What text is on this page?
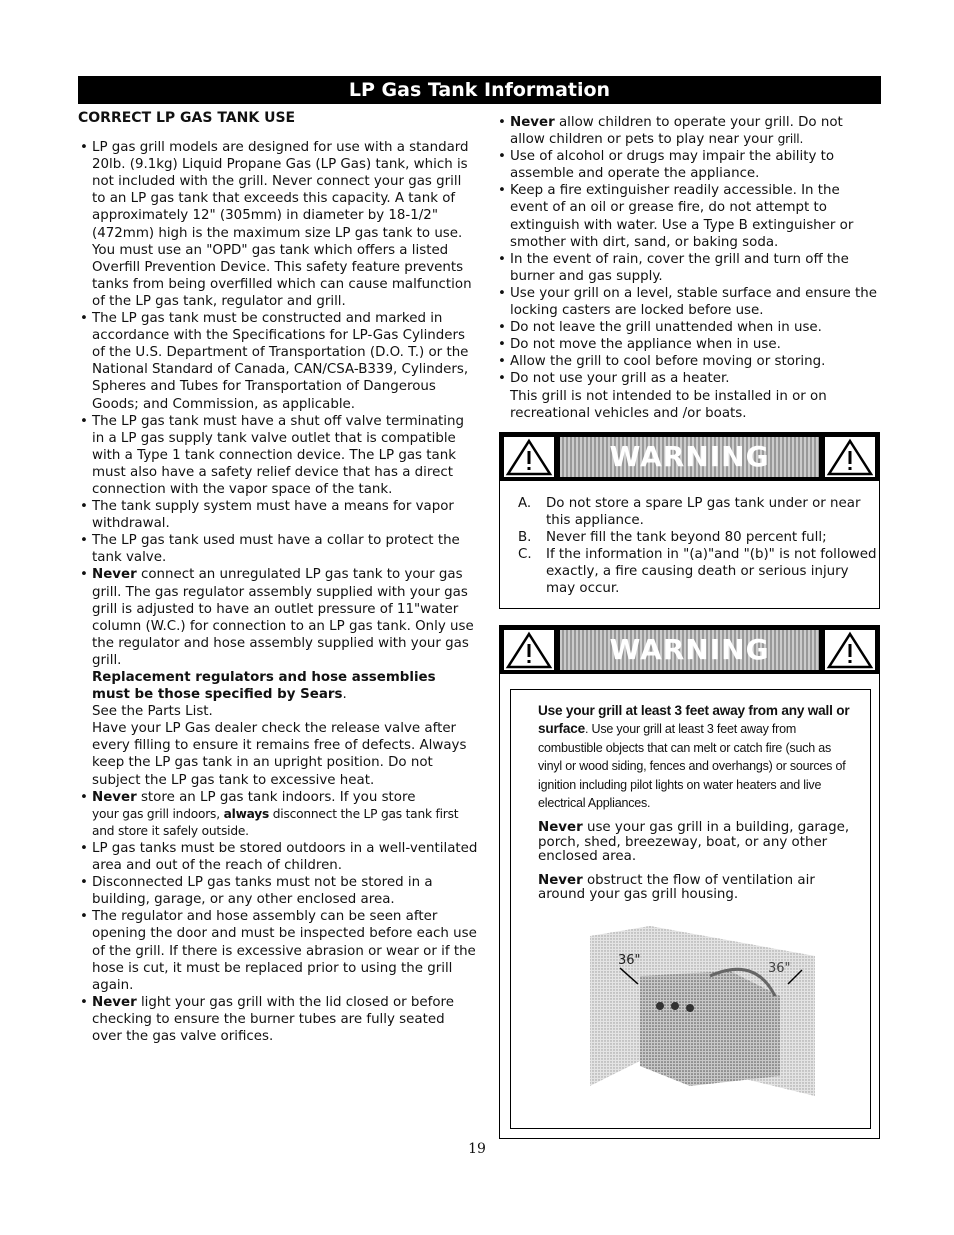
LP Gas Tank Information
CORRECT LP GAS TANK USE
• LP gas grill models are designed for use with a standard 20lb. (9.1kg) Liquid Propane Gas (LP Gas) tank, which is not included with the grill. Never connect your gas grill to an LP gas tank that exceeds this capacity. A tank of approximately 12" (305mm) in diameter by 18-1/2" (472mm) high is the maximum size LP gas tank to use. You must use an "OPD" gas tank which offers a listed Overfill Prevention Device. This safety feature prevents tanks from being overfilled which can cause malfunction of the LP gas tank, regulator and grill.
• The LP gas tank must be constructed and marked in accordance with the Specifications for LP-Gas Cylinders of the U.S. Department of Transportation (D.O. T.) or the National Standard of Canada, CAN/CSA-B339, Cylinders, Spheres and Tubes for Transportation of Dangerous Goods; and Commission, as applicable.
• The LP gas tank must have a shut off valve terminating in a LP gas supply tank valve outlet that is compatible with a Type 1 tank connection device. The LP gas tank must also have a safety relief device that has a direct connection with the vapor space of the tank.
• The tank supply system must have a means for vapor withdrawal.
• The LP gas tank used must have a collar to protect the tank valve.
• Never connect an unregulated LP gas tank to your gas grill. The gas regulator assembly supplied with your gas grill is adjusted to have an outlet pressure of 11"water column (W.C.) for connection to an LP gas tank. Only use the regulator and hose assembly supplied with your gas grill.
Replacement regulators and hose assemblies must be those specified by Sears.
See the Parts List.
Have your LP Gas dealer check the release valve after every filling to ensure it remains free of defects. Always keep the LP gas tank in an upright position. Do not subject the LP gas tank to excessive heat.
• Never store an LP gas tank indoors. If you store
your gas grill indoors, always disconnect the LP gas tank first and store it safely outside.
• LP gas tanks must be stored outdoors in a well-ventilated area and out of the reach of children.
• Disconnected LP gas tanks must not be stored in a building, garage, or any other enclosed area.
• The regulator and hose assembly can be seen after opening the door and must be inspected before each use of the grill. If there is excessive abrasion or wear or if the hose is cut, it must be replaced prior to using the grill again.
• Never light your gas grill with the lid closed or before checking to ensure the burner tubes are fully seated over the gas valve orifices.
• Never allow children to operate your grill. Do not allow children or pets to play near your grill.
• Use of alcohol or drugs may impair the ability to assemble and operate the appliance.
• Keep a fire extinguisher readily accessible. In the event of an oil or grease fire, do not attempt to extinguish with water. Use a Type B extinguisher or smother with dirt, sand, or baking soda.
• In the event of rain, cover the grill and turn off the burner and gas supply.
• Use your grill on a level, stable surface and ensure the locking casters are locked before use.
• Do not leave the grill unattended when in use.
• Do not move the appliance when in use.
• Allow the grill to cool before moving or storing.
• Do not use your grill as a heater.
This grill is not intended to be installed in or on recreational vehicles and /or boats.
WARNING
A. Do not store a spare LP gas tank under or near this appliance.
B. Never fill the tank beyond 80 percent full;
C. If the information in "(a)"and "(b)" is not followed exactly, a fire causing death or serious injury may occur.
WARNING
Use your grill at least 3 feet away from any wall or surface. Use your grill at least 3 feet away from combustible objects that can melt or catch fire (such as vinyl or wood siding, fences and overhangs) or sources of ignition including pilot lights on water heaters and live electrical Appliances.
Never use your gas grill in a building, garage, porch, shed, breezeway, boat, or any other enclosed area.
Never obstruct the flow of ventilation air around your gas grill housing.
36"
36"
19
